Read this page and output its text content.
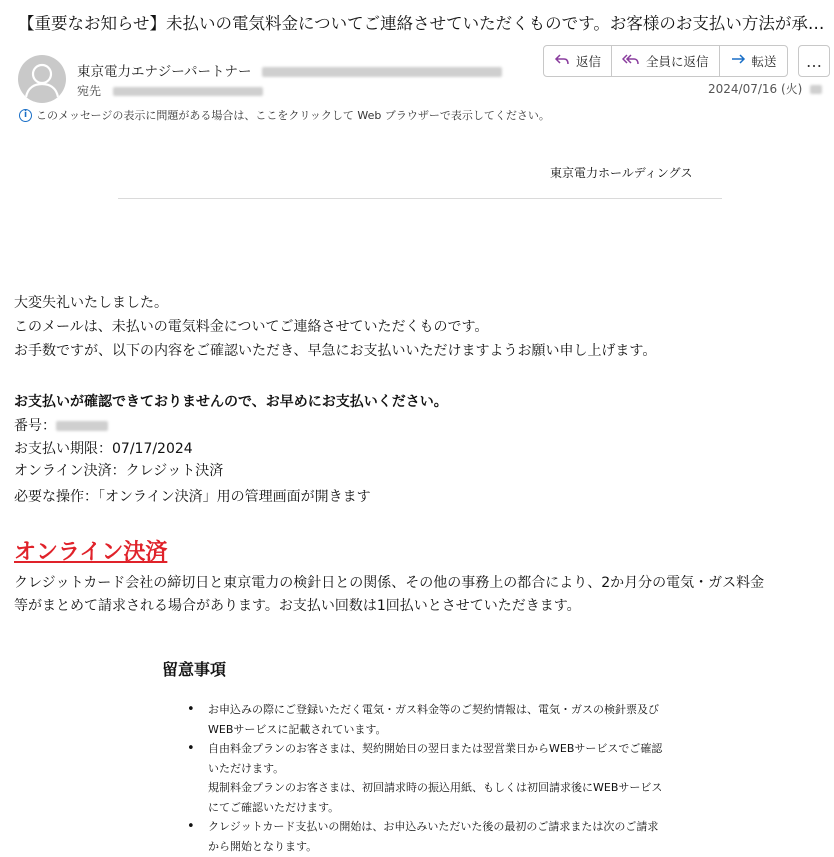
【重要なお知らせ】未払いの電気料金についてご連絡させていただくものです。お客様のお支払い方法が承…
東京電力エナジーパートナー
宛先
返信	全員に返信	転送 …
2024/07/16 (火)
i このメッセージの表示に問題がある場合は、ここをクリックして Web ブラウザーで表示してください。
東京電力ホールディングス
大変失礼いたしました。
このメールは、未払いの電気料金についてご連絡させていただくものです。
お手数ですが、以下の内容をご確認いただき、早急にお支払いいただけますようお願い申し上げます。
お支払いが確認できておりませんので、お早めにお支払いください。
番号：
お支払い期限：07/17/2024
オンライン決済：クレジット決済
必要な操作：「オンライン決済」用の管理画面が開きます
オンライン決済
クレジットカード会社の締切日と東京電力の検針日との関係、その他の事務上の都合により、2か月分の電気・ガス料金
等がまとめて請求される場合があります。お支払い回数は1回払いとさせていただきます。
留意事項
• お申込みの際にご登録いただく電気・ガス料金等のご契約情報は、電気・ガスの検針票及び
WEBサービスに記載されています。
• 自由料金プランのお客さまは、契約開始日の翌日または翌営業日からWEBサービスでご確認
いただけます。
規制料金プランのお客さまは、初回請求時の振込用紙、もしくは初回請求後にWEBサービス
にてご確認いただけます。
• クレジットカード支払いの開始は、お申込みいただいた後の最初のご請求または次のご請求
から開始となります。
